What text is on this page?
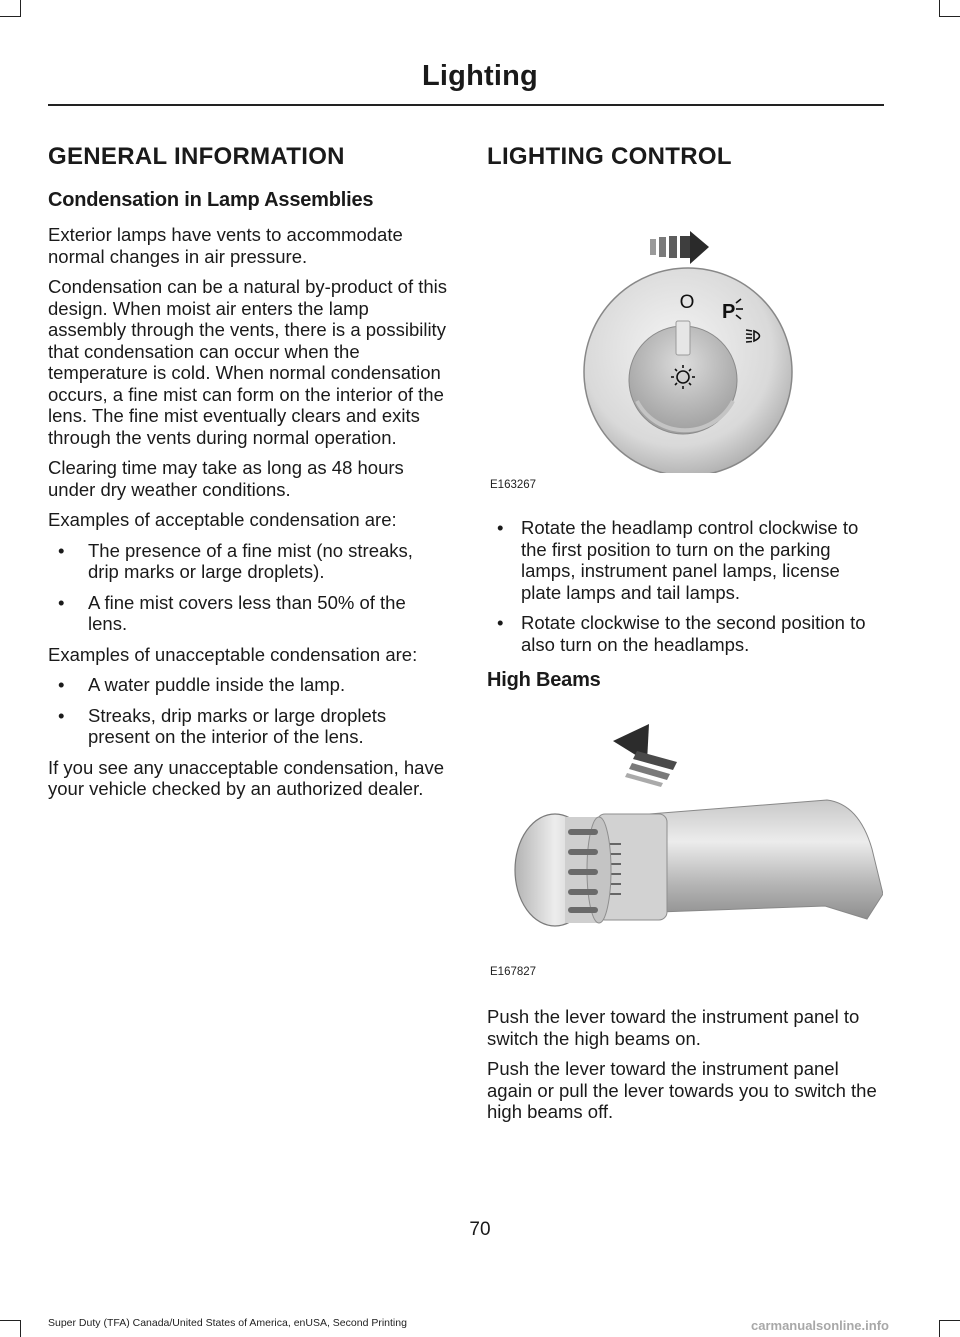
Lighting
GENERAL INFORMATION
Condensation in Lamp Assemblies

Exterior lamps have vents to accommodate normal changes in air pressure.

Condensation can be a natural by-product of this design. When moist air enters the lamp assembly through the vents, there is a possibility that condensation can occur when the temperature is cold. When normal condensation occurs, a fine mist can form on the interior of the lens. The fine mist eventually clears and exits through the vents during normal operation.

Clearing time may take as long as 48 hours under dry weather conditions.

Examples of acceptable condensation are:

• The presence of a fine mist (no streaks, drip marks or large droplets).
• A fine mist covers less than 50% of the lens.

Examples of unacceptable condensation are:

• A water puddle inside the lamp.
• Streaks, drip marks or large droplets present on the interior of the lens.

If you see any unacceptable condensation, have your vehicle checked by an authorized dealer.

LIGHTING CONTROL
O P
E163267
• Rotate the headlamp control clockwise to the first position to turn on the parking lamps, instrument panel lamps, license plate lamps and tail lamps.
• Rotate clockwise to the second position to also turn on the headlamps.
High Beams
E167827

Push the lever toward the instrument panel to switch the high beams on.

Push the lever toward the instrument panel again or pull the lever towards you to switch the high beams off.

70
Super Duty (TFA) Canada/United States of America, enUSA, Second Printing	carmanualsonline.info
